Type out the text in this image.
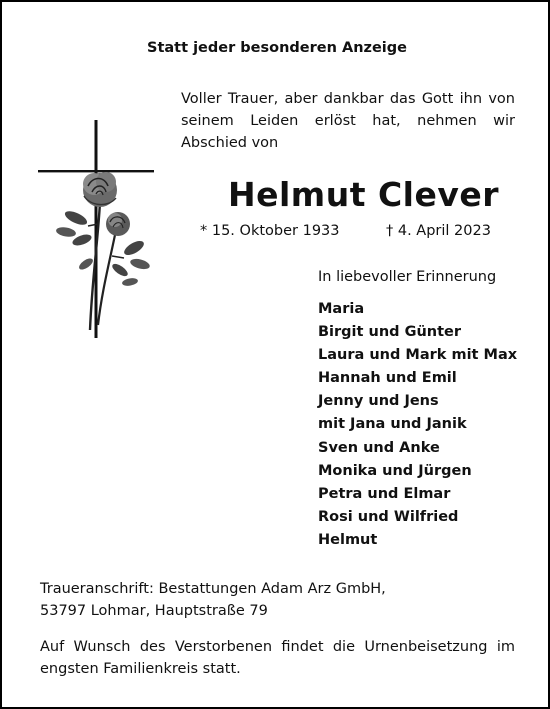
Statt jeder besonderen Anzeige
Voller Trauer, aber dankbar das Gott ihn von seinem Leiden erlöst hat, nehmen wir Abschied von
Helmut Clever
* 15. Oktober 1933	† 4. April 2023
In liebevoller Erinnerung
Maria
Birgit und Günter
Laura und Mark mit Max
Hannah und Emil
Jenny und Jens
mit Jana und Janik
Sven und Anke
Monika und Jürgen
Petra und Elmar
Rosi und Wilfried
Helmut
Traueranschrift: Bestattungen Adam Arz GmbH,
53797 Lohmar, Hauptstraße 79
Auf Wunsch des Verstorbenen findet die Urnenbeisetzung im engsten Familienkreis statt.
